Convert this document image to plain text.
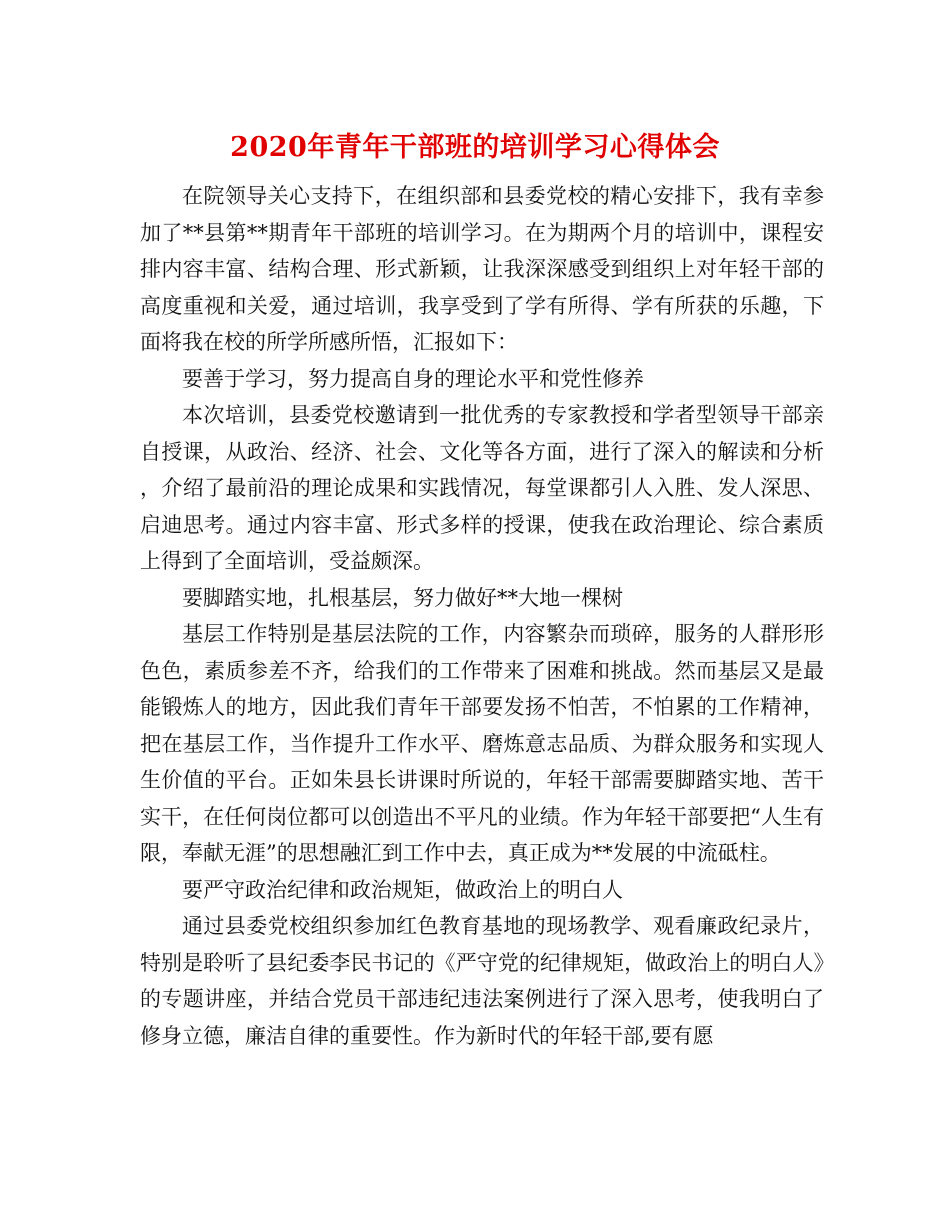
2020年青年干部班的培训学习心得体会

在院领导关心支持下，在组织部和县委党校的精心安排下，我有幸参加了**县第**期青年干部班的培训学习。在为期两个月的培训中，课程安排内容丰富、结构合理、形式新颖，让我深深感受到组织上对年轻干部的高度重视和关爱，通过培训，我享受到了学有所得、学有所获的乐趣，下面将我在校的所学所感所悟，汇报如下：

要善于学习，努力提高自身的理论水平和党性修养

本次培训，县委党校邀请到一批优秀的专家教授和学者型领导干部亲自授课，从政治、经济、社会、文化等各方面，进行了深入的解读和分析，介绍了最前沿的理论成果和实践情况，每堂课都引人入胜、发人深思、启迪思考。通过内容丰富、形式多样的授课，使我在政治理论、综合素质上得到了全面培训，受益颇深。

要脚踏实地，扎根基层，努力做好**大地一棵树

基层工作特别是基层法院的工作，内容繁杂而琐碎，服务的人群形形色色，素质参差不齐，给我们的工作带来了困难和挑战。然而基层又是最能锻炼人的地方，因此我们青年干部要发扬不怕苦，不怕累的工作精神，把在基层工作，当作提升工作水平、磨炼意志品质、为群众服务和实现人生价值的平台。正如朱县长讲课时所说的，年轻干部需要脚踏实地、苦干实干，在任何岗位都可以创造出不平凡的业绩。作为年轻干部要把“人生有限，奉献无涯”的思想融汇到工作中去，真正成为**发展的中流砥柱。

要严守政治纪律和政治规矩，做政治上的明白人

通过县委党校组织参加红色教育基地的现场教学、观看廉政纪录片，特别是聆听了县纪委李民书记的《严守党的纪律规矩，做政治上的明白人》的专题讲座，并结合党员干部违纪违法案例进行了深入思考，使我明白了修身立德，廉洁自律的重要性。作为新时代的年轻干部,要有愿
